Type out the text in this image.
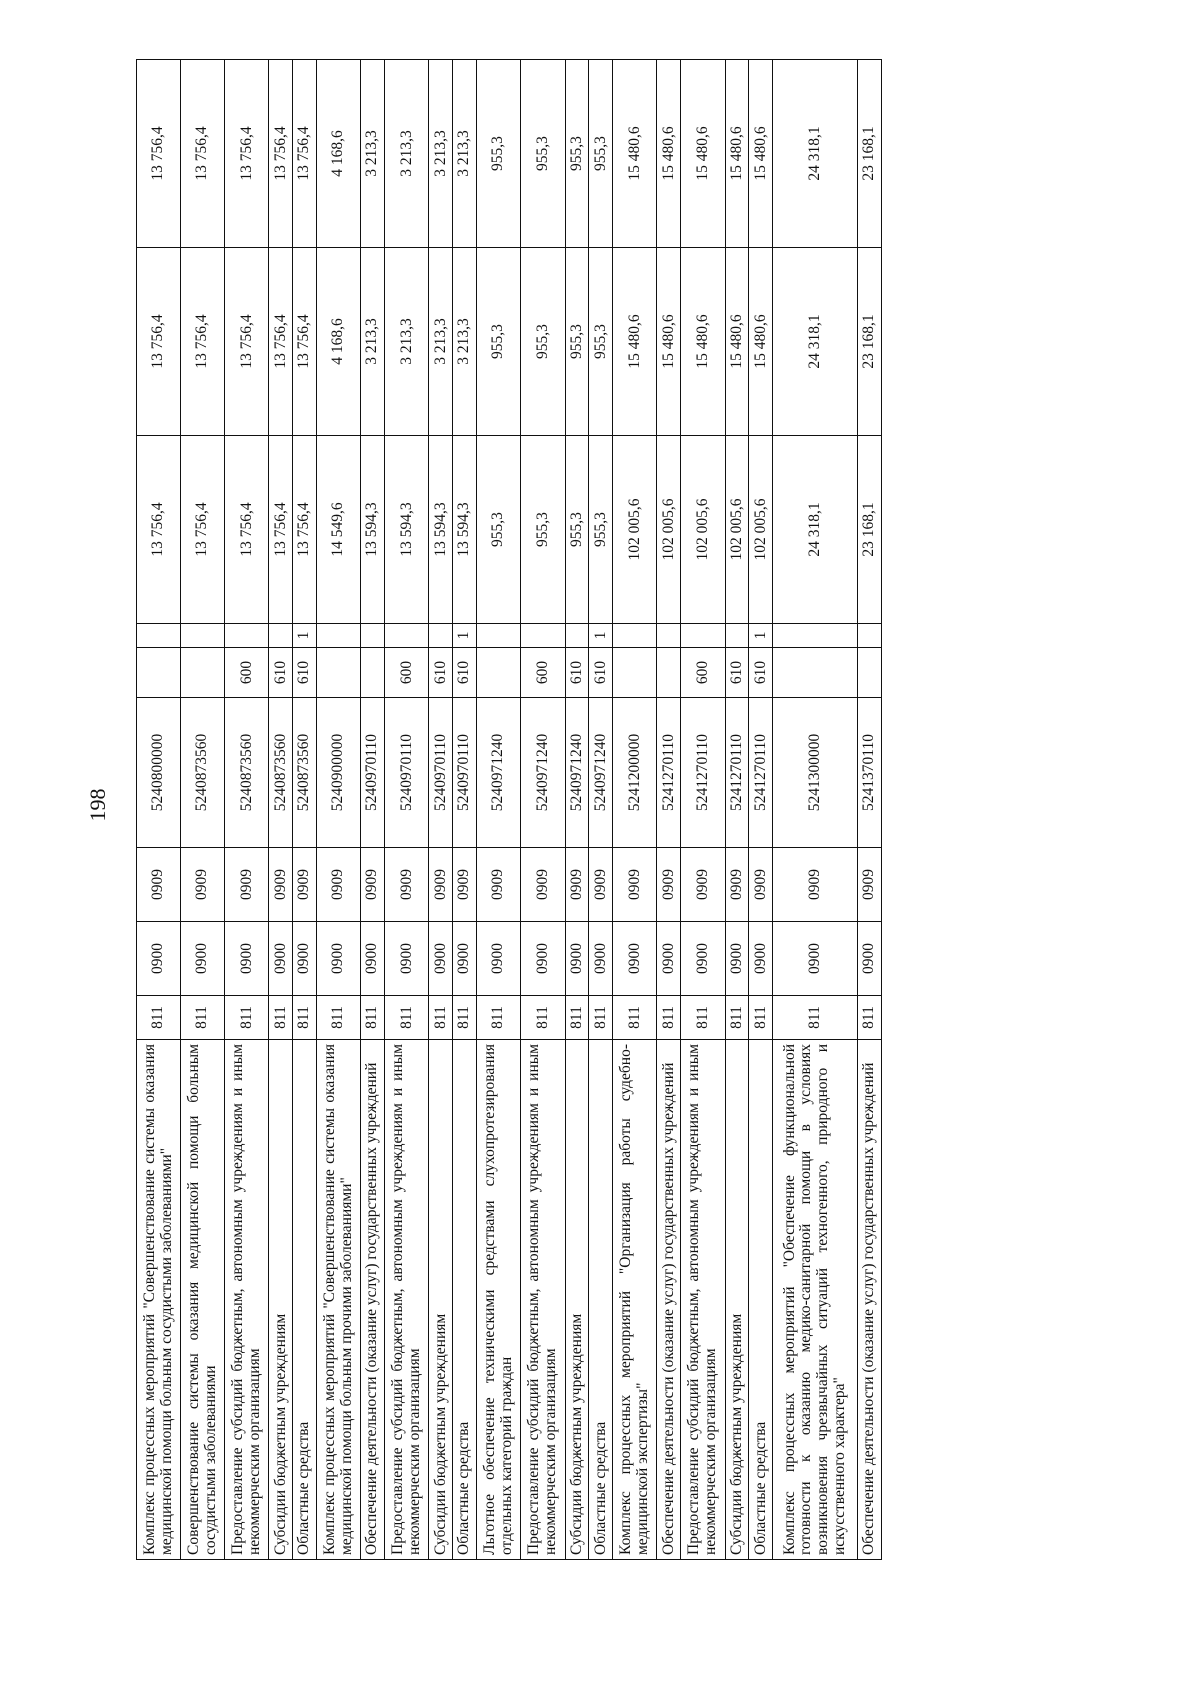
198
Комплекс процессных мероприятий "Совершенствование системы оказания медицинской помощи больным сосудистыми заболеваниями"	811	0900	0909	5240800000			13 756,4	13 756,4	13 756,4
Совершенствование системы оказания медицинской помощи больным сосудистыми заболеваниями	811	0900	0909	5240873560			13 756,4	13 756,4	13 756,4
Предоставление субсидий бюджетным, автономным учреждениям и иным некоммерческим организациям	811	0900	0909	5240873560	600		13 756,4	13 756,4	13 756,4
Субсидии бюджетным учреждениям	811	0900	0909	5240873560	610		13 756,4	13 756,4	13 756,4
Областные средства	811	0900	0909	5240873560	610	1	13 756,4	13 756,4	13 756,4
Комплекс процессных мероприятий "Совершенствование системы оказания медицинской помощи больным прочими заболеваниями"	811	0900	0909	5240900000			14 549,6	4 168,6	4 168,6
Обеспечение деятельности (оказание услуг) государственных учреждений	811	0900	0909	5240970110			13 594,3	3 213,3	3 213,3
Предоставление субсидий бюджетным, автономным учреждениям и иным некоммерческим организациям	811	0900	0909	5240970110	600		13 594,3	3 213,3	3 213,3
Субсидии бюджетным учреждениям	811	0900	0909	5240970110	610		13 594,3	3 213,3	3 213,3
Областные средства	811	0900	0909	5240970110	610	1	13 594,3	3 213,3	3 213,3
Льготное обеспечение техническими средствами слухопротезирования отдельных категорий граждан	811	0900	0909	5240971240			955,3	955,3	955,3
Предоставление субсидий бюджетным, автономным учреждениям и иным некоммерческим организациям	811	0900	0909	5240971240	600		955,3	955,3	955,3
Субсидии бюджетным учреждениям	811	0900	0909	5240971240	610		955,3	955,3	955,3
Областные средства	811	0900	0909	5240971240	610	1	955,3	955,3	955,3
Комплекс процессных мероприятий "Организация работы судебно-медицинской экспертизы"	811	0900	0909	5241200000			102 005,6	15 480,6	15 480,6
Обеспечение деятельности (оказание услуг) государственных учреждений	811	0900	0909	5241270110			102 005,6	15 480,6	15 480,6
Предоставление субсидий бюджетным, автономным учреждениям и иным некоммерческим организациям	811	0900	0909	5241270110	600		102 005,6	15 480,6	15 480,6
Субсидии бюджетным учреждениям	811	0900	0909	5241270110	610		102 005,6	15 480,6	15 480,6
Областные средства	811	0900	0909	5241270110	610	1	102 005,6	15 480,6	15 480,6
Комплекс процессных мероприятий "Обеспечение функциональной готовности к оказанию медико-санитарной помощи в условиях возникновения чрезвычайных ситуаций техногенного, природного и искусственного характера"	811	0900	0909	5241300000			24 318,1	24 318,1	24 318,1
Обеспечение деятельности (оказание услуг) государственных учреждений	811	0900	0909	5241370110			23 168,1	23 168,1	23 168,1
